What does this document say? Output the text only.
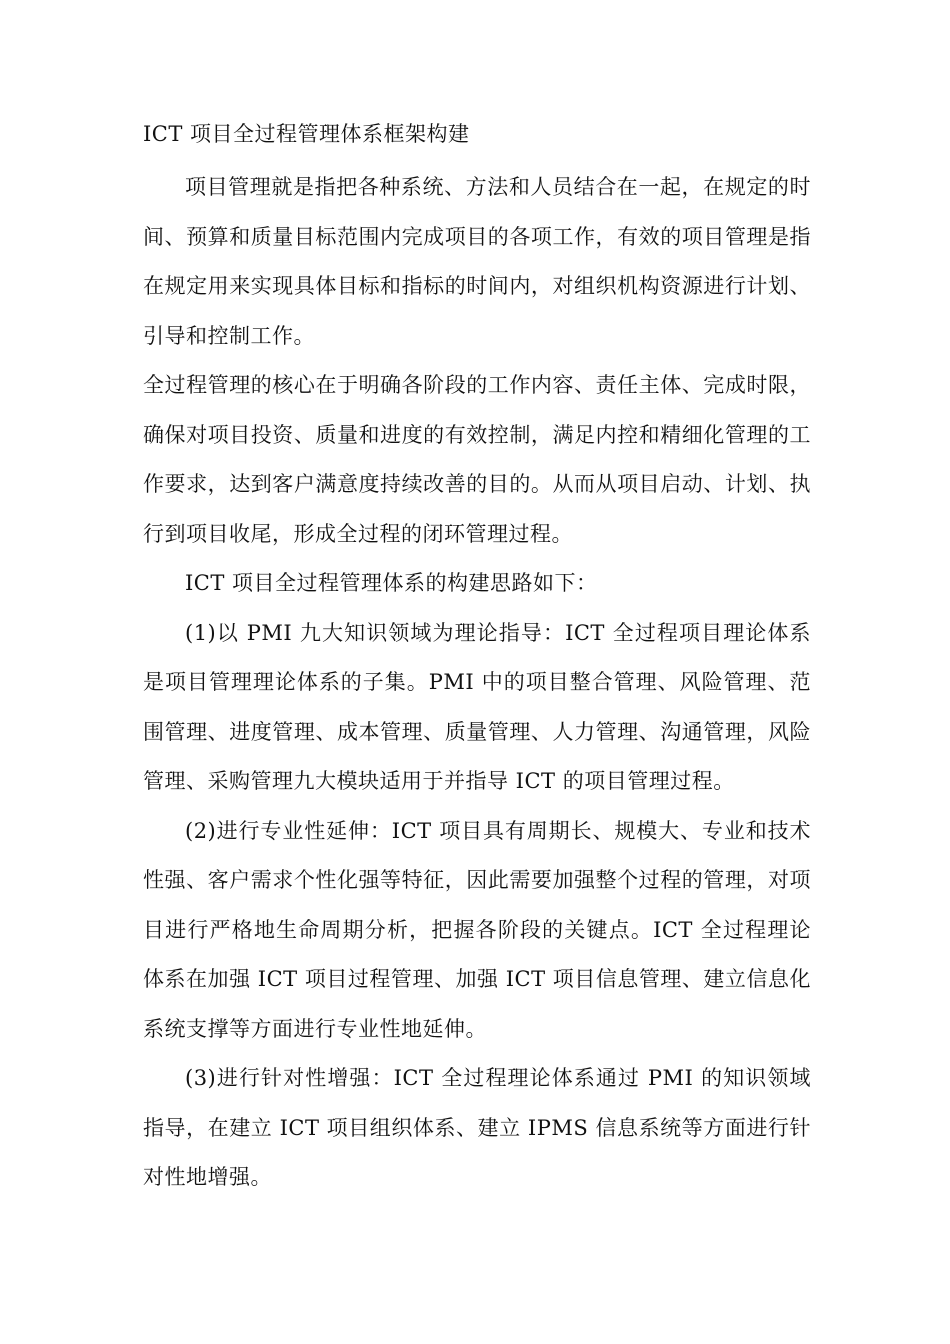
ICT 项目全过程管理体系框架构建

项目管理就是指把各种系统、方法和人员结合在一起，在规定的时间、预算和质量目标范围内完成项目的各项工作，有效的项目管理是指在规定用来实现具体目标和指标的时间内，对组织机构资源进行计划、引导和控制工作。

全过程管理的核心在于明确各阶段的工作内容、责任主体、完成时限，确保对项目投资、质量和进度的有效控制，满足内控和精细化管理的工作要求，达到客户满意度持续改善的目的。从而从项目启动、计划、执行到项目收尾，形成全过程的闭环管理过程。

ICT 项目全过程管理体系的构建思路如下：

(1)以 PMI 九大知识领域为理论指导：ICT 全过程项目理论体系是项目管理理论体系的子集。PMI 中的项目整合管理、风险管理、范围管理、进度管理、成本管理、质量管理、人力管理、沟通管理，风险管理、采购管理九大模块适用于并指导 ICT 的项目管理过程。

(2)进行专业性延伸：ICT 项目具有周期长、规模大、专业和技术性强、客户需求个性化强等特征，因此需要加强整个过程的管理，对项目进行严格地生命周期分析，把握各阶段的关键点。ICT 全过程理论体系在加强 ICT 项目过程管理、加强 ICT 项目信息管理、建立信息化系统支撑等方面进行专业性地延伸。

(3)进行针对性增强：ICT 全过程理论体系通过 PMI 的知识领域指导，在建立 ICT 项目组织体系、建立 IPMS 信息系统等方面进行针对性地增强。
